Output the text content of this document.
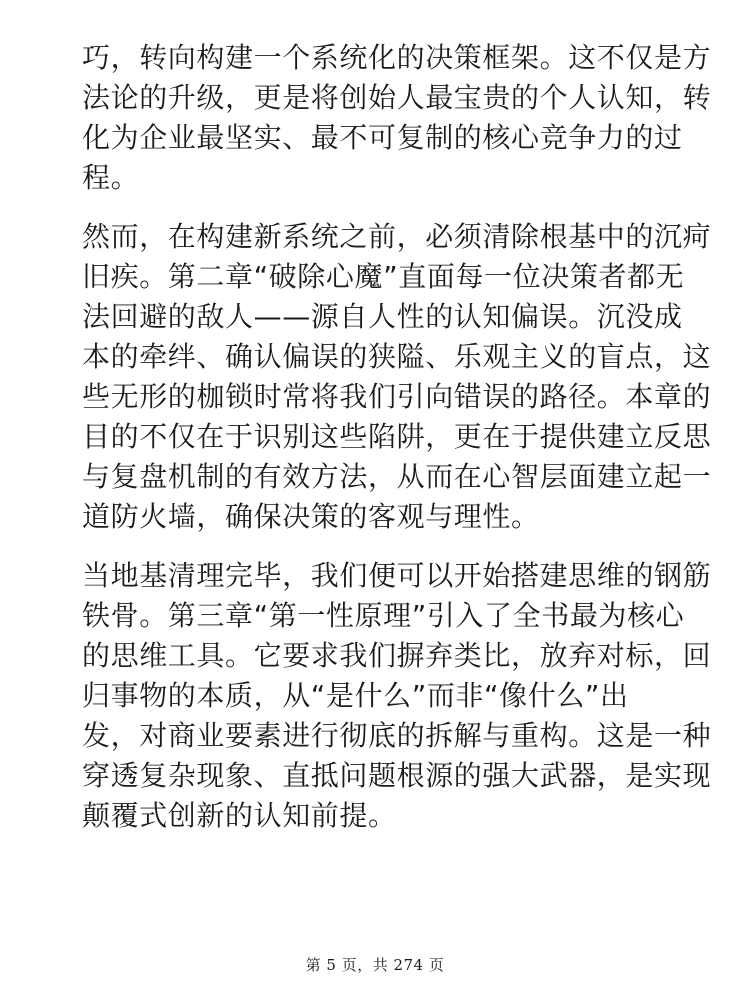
巧，转向构建一个系统化的决策框架。这不仅是方
法论的升级，更是将创始人最宝贵的个人认知，转
化为企业最坚实、最不可复制的核心竞争力的过
程。
然而，在构建新系统之前，必须清除根基中的沉疴
旧疾。第二章“破除心魔”直面每一位决策者都无
法回避的敌人——源自人性的认知偏误。沉没成
本的牵绊、确认偏误的狭隘、乐观主义的盲点，这
些无形的枷锁时常将我们引向错误的路径。本章的
目的不仅在于识别这些陷阱，更在于提供建立反思
与复盘机制的有效方法，从而在心智层面建立起一
道防火墙，确保决策的客观与理性。
当地基清理完毕，我们便可以开始搭建思维的钢筋
铁骨。第三章“第一性原理”引入了全书最为核心
的思维工具。它要求我们摒弃类比，放弃对标，回
归事物的本质，从“是什么”而非“像什么”出
发，对商业要素进行彻底的拆解与重构。这是一种
穿透复杂现象、直抵问题根源的强大武器，是实现
颠覆式创新的认知前提。
第 5 页，共 274 页
